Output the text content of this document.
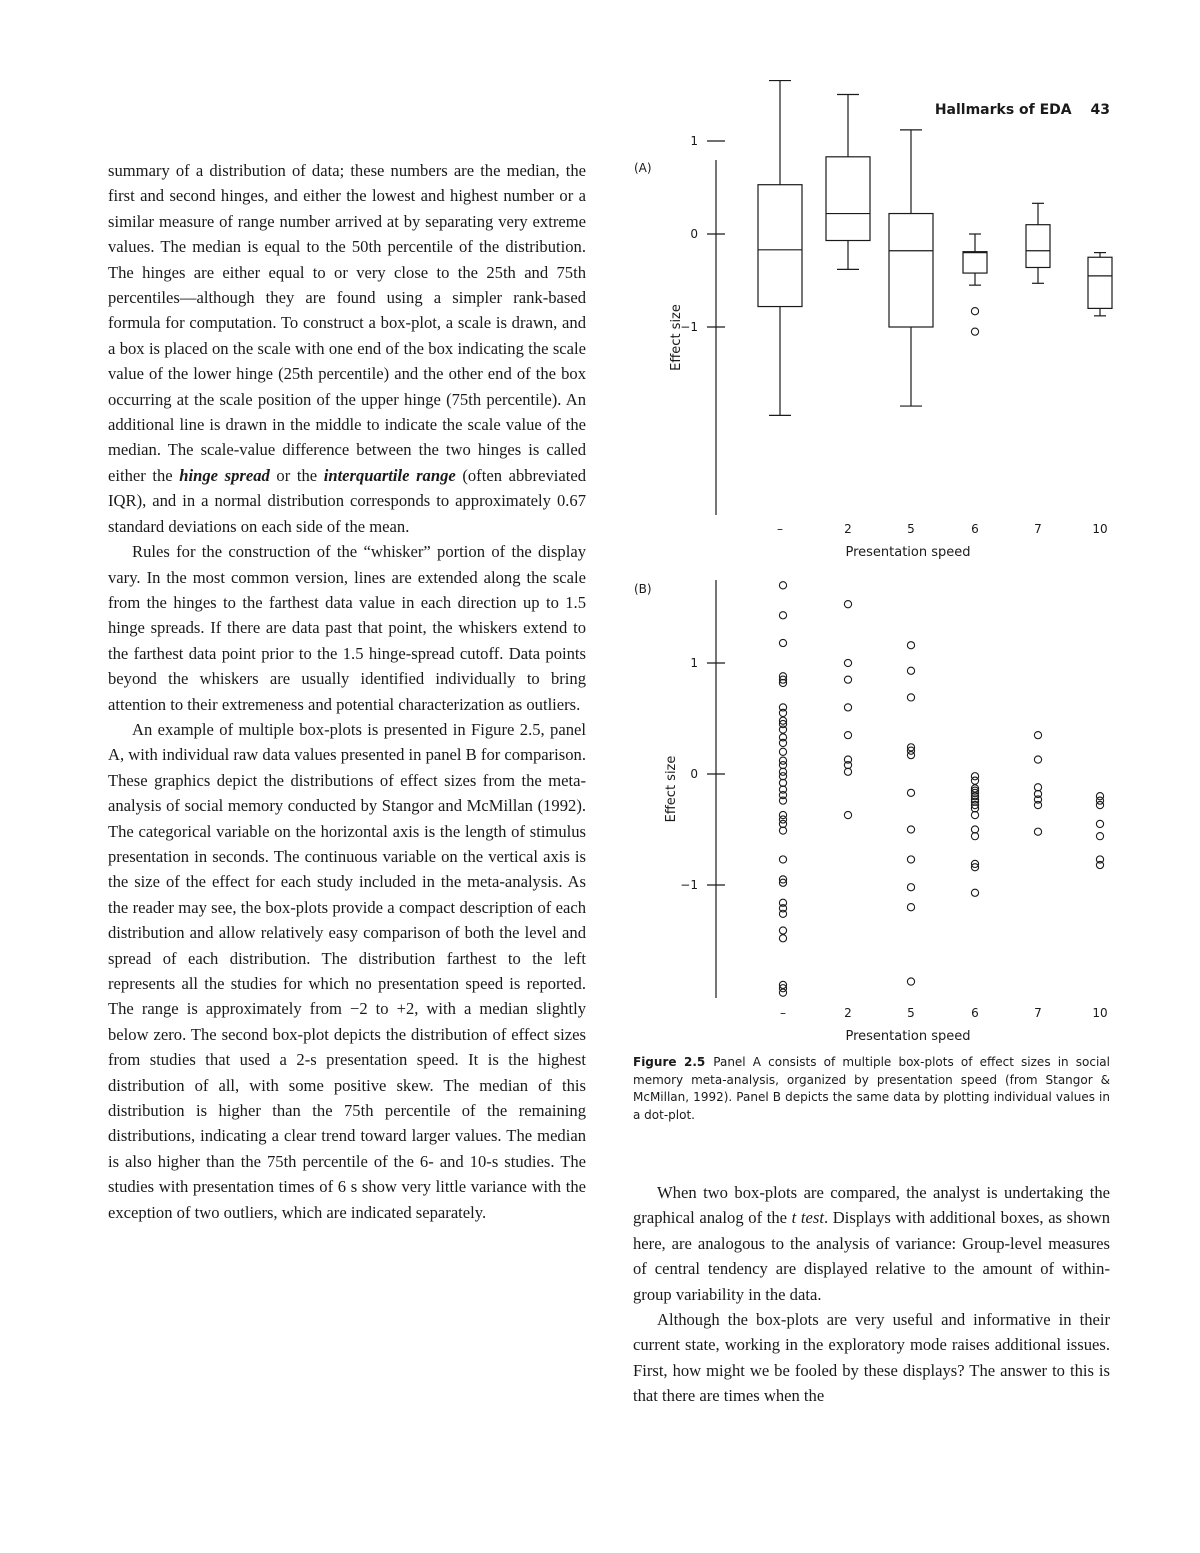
Hallmarks of EDA 43

summary of a distribution of data; these numbers are the median, the first and second hinges, and either the lowest and highest number or a similar measure of range number arrived at by separating very extreme values. The median is equal to the 50th percentile of the distribution. The hinges are either equal to or very close to the 25th and 75th percentiles—although they are found using a simpler rank-based formula for computation. To construct a box-plot, a scale is drawn, and a box is placed on the scale with one end of the box indicating the scale value of the lower hinge (25th percentile) and the other end of the box occurring at the scale position of the upper hinge (75th percentile). An additional line is drawn in the middle to indicate the scale value of the median. The scale-value difference between the two hinges is called either the hinge spread or the interquartile range (often abbreviated IQR), and in a normal distribution corresponds to approximately 0.67 standard deviations on each side of the mean.

Rules for the construction of the “whisker” portion of the display vary. In the most common version, lines are extended along the scale from the hinges to the farthest data value in each direction up to 1.5 hinge spreads. If there are data past that point, the whiskers extend to the farthest data point prior to the 1.5 hinge-spread cutoff. Data points beyond the whiskers are usually identified individually to bring attention to their extremeness and potential characterization as outliers.

An example of multiple box-plots is presented in Figure 2.5, panel A, with individual raw data values presented in panel B for comparison. These graphics depict the distributions of effect sizes from the meta-analysis of social memory conducted by Stangor and McMillan (1992). The categorical variable on the horizontal axis is the length of stimulus presentation in seconds. The continuous variable on the vertical axis is the size of the effect for each study included in the meta-analysis. As the reader may see, the box-plots provide a compact description of each distribution and allow relatively easy comparison of both the level and spread of each distribution. The distribution farthest to the left represents all the studies for which no presentation speed is reported. The range is approximately from −2 to +2, with a median slightly below zero. The second box-plot depicts the distribution of effect sizes from studies that used a 2-s presentation speed. It is the highest distribution of all, with some positive skew. The median of this distribution is higher than the 75th percentile of the remaining distributions, indicating a clear trend toward larger values. The median is also higher than the 75th percentile of the 6- and 10-s studies. The studies with presentation times of 6 s show very little variance with the exception of two outliers, which are indicated separately.

(A)
1
0
−1
Effect size
–	2	5	6	7	10
Presentation speed
(B)
1
0
−1
Effect size
–	2	5	6	7	10
Presentation speed
Figure 2.5 Panel A consists of multiple box-plots of effect sizes in social memory meta-analysis, organized by presentation speed (from Stangor & McMillan, 1992). Panel B depicts the same data by plotting individual values in a dot-plot.

When two box-plots are compared, the analyst is undertaking the graphical analog of the t test. Displays with additional boxes, as shown here, are analogous to the analysis of variance: Group-level measures of central tendency are displayed relative to the amount of within-group variability in the data.

Although the box-plots are very useful and informative in their current state, working in the exploratory mode raises additional issues. First, how might we be fooled by these displays? The answer to this is that there are times when the
